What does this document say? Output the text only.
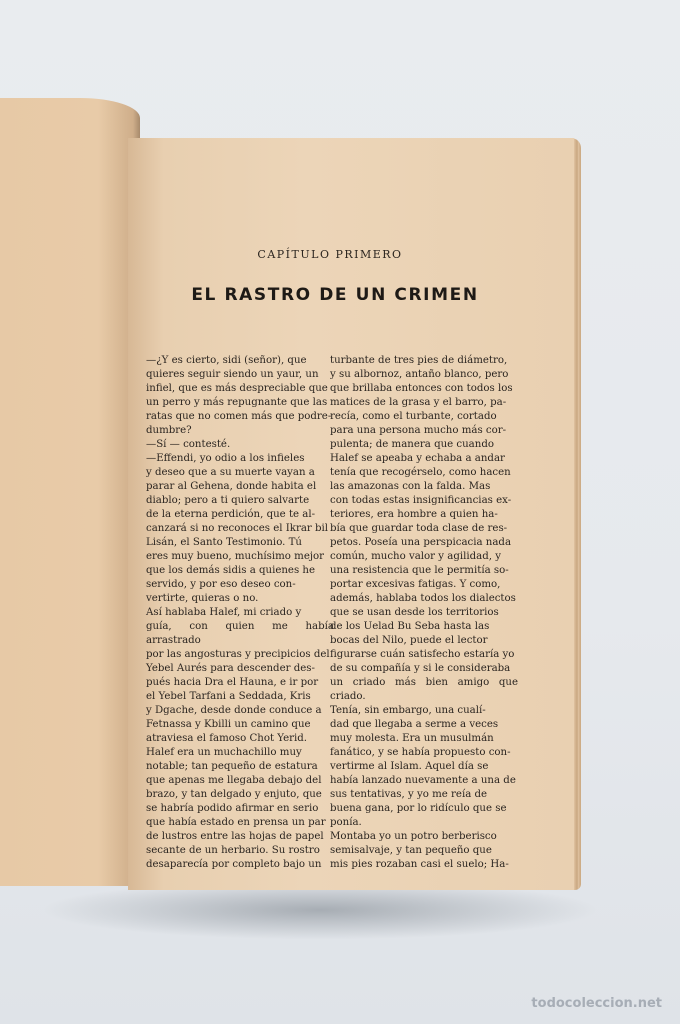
CAPÍTULO PRIMERO
EL RASTRO DE UN CRIMEN

—¿Y es cierto, sidi (señor), que

quieres seguir siendo un yaur, un

infiel, que es más despreciable que

un perro y más repugnante que las

ratas que no comen más que podre-

dumbre?

—Sí — contesté.

—Effendi, yo odio a los infieles

y deseo que a su muerte vayan a

parar al Gehena, donde habita el

diablo; pero a ti quiero salvarte

de la eterna perdición, que te al-

canzará si no reconoces el Ikrar bil

Lisán, el Santo Testimonio. Tú

eres muy bueno, muchísimo mejor

que los demás sidis a quienes he

servido, y por eso deseo con-

vertirte, quieras o no.

Así hablaba Halef, mi criado y

guía, con quien me había arrastrado

por las angosturas y precipicios del

Yebel Aurés para descender des-

pués hacia Dra el Hauna, e ir por

el Yebel Tarfani a Seddada, Kris

y Dgache, desde donde conduce a

Fetnassa y Kbilli un camino que

atraviesa el famoso Chot Yerid.

Halef era un muchachillo muy

notable; tan pequeño de estatura

que apenas me llegaba debajo del

brazo, y tan delgado y enjuto, que

se habría podido afirmar en serio

que había estado en prensa un par

de lustros entre las hojas de papel

secante de un herbario. Su rostro

desaparecía por completo bajo un

turbante de tres pies de diámetro,

y su albornoz, antaño blanco, pero

que brillaba entonces con todos los

matices de la grasa y el barro, pa-

recía, como el turbante, cortado

para una persona mucho más cor-

pulenta; de manera que cuando

Halef se apeaba y echaba a andar

tenía que recogérselo, como hacen

las amazonas con la falda. Mas

con todas estas insignificancias ex-

teriores, era hombre a quien ha-

bía que guardar toda clase de res-

petos. Poseía una perspicacia nada

común, mucho valor y agilidad, y

una resistencia que le permitía so-

portar excesivas fatigas. Y como,

además, hablaba todos los dialectos

que se usan desde los territorios

de los Uelad Bu Seba hasta las

bocas del Nilo, puede el lector

figurarse cuán satisfecho estaría yo

de su compañía y si le consideraba

un criado más bien amigo que criado.

Tenía, sin embargo, una cualí-

dad que llegaba a serme a veces

muy molesta. Era un musulmán

fanático, y se había propuesto con-

vertirme al Islam. Aquel día se

había lanzado nuevamente a una de

sus tentativas, y yo me reía de

buena gana, por lo ridículo que se

ponía.

Montaba yo un potro berberisco

semisalvaje, y tan pequeño que

mis pies rozaban casi el suelo; Ha-

todocoleccion.net
